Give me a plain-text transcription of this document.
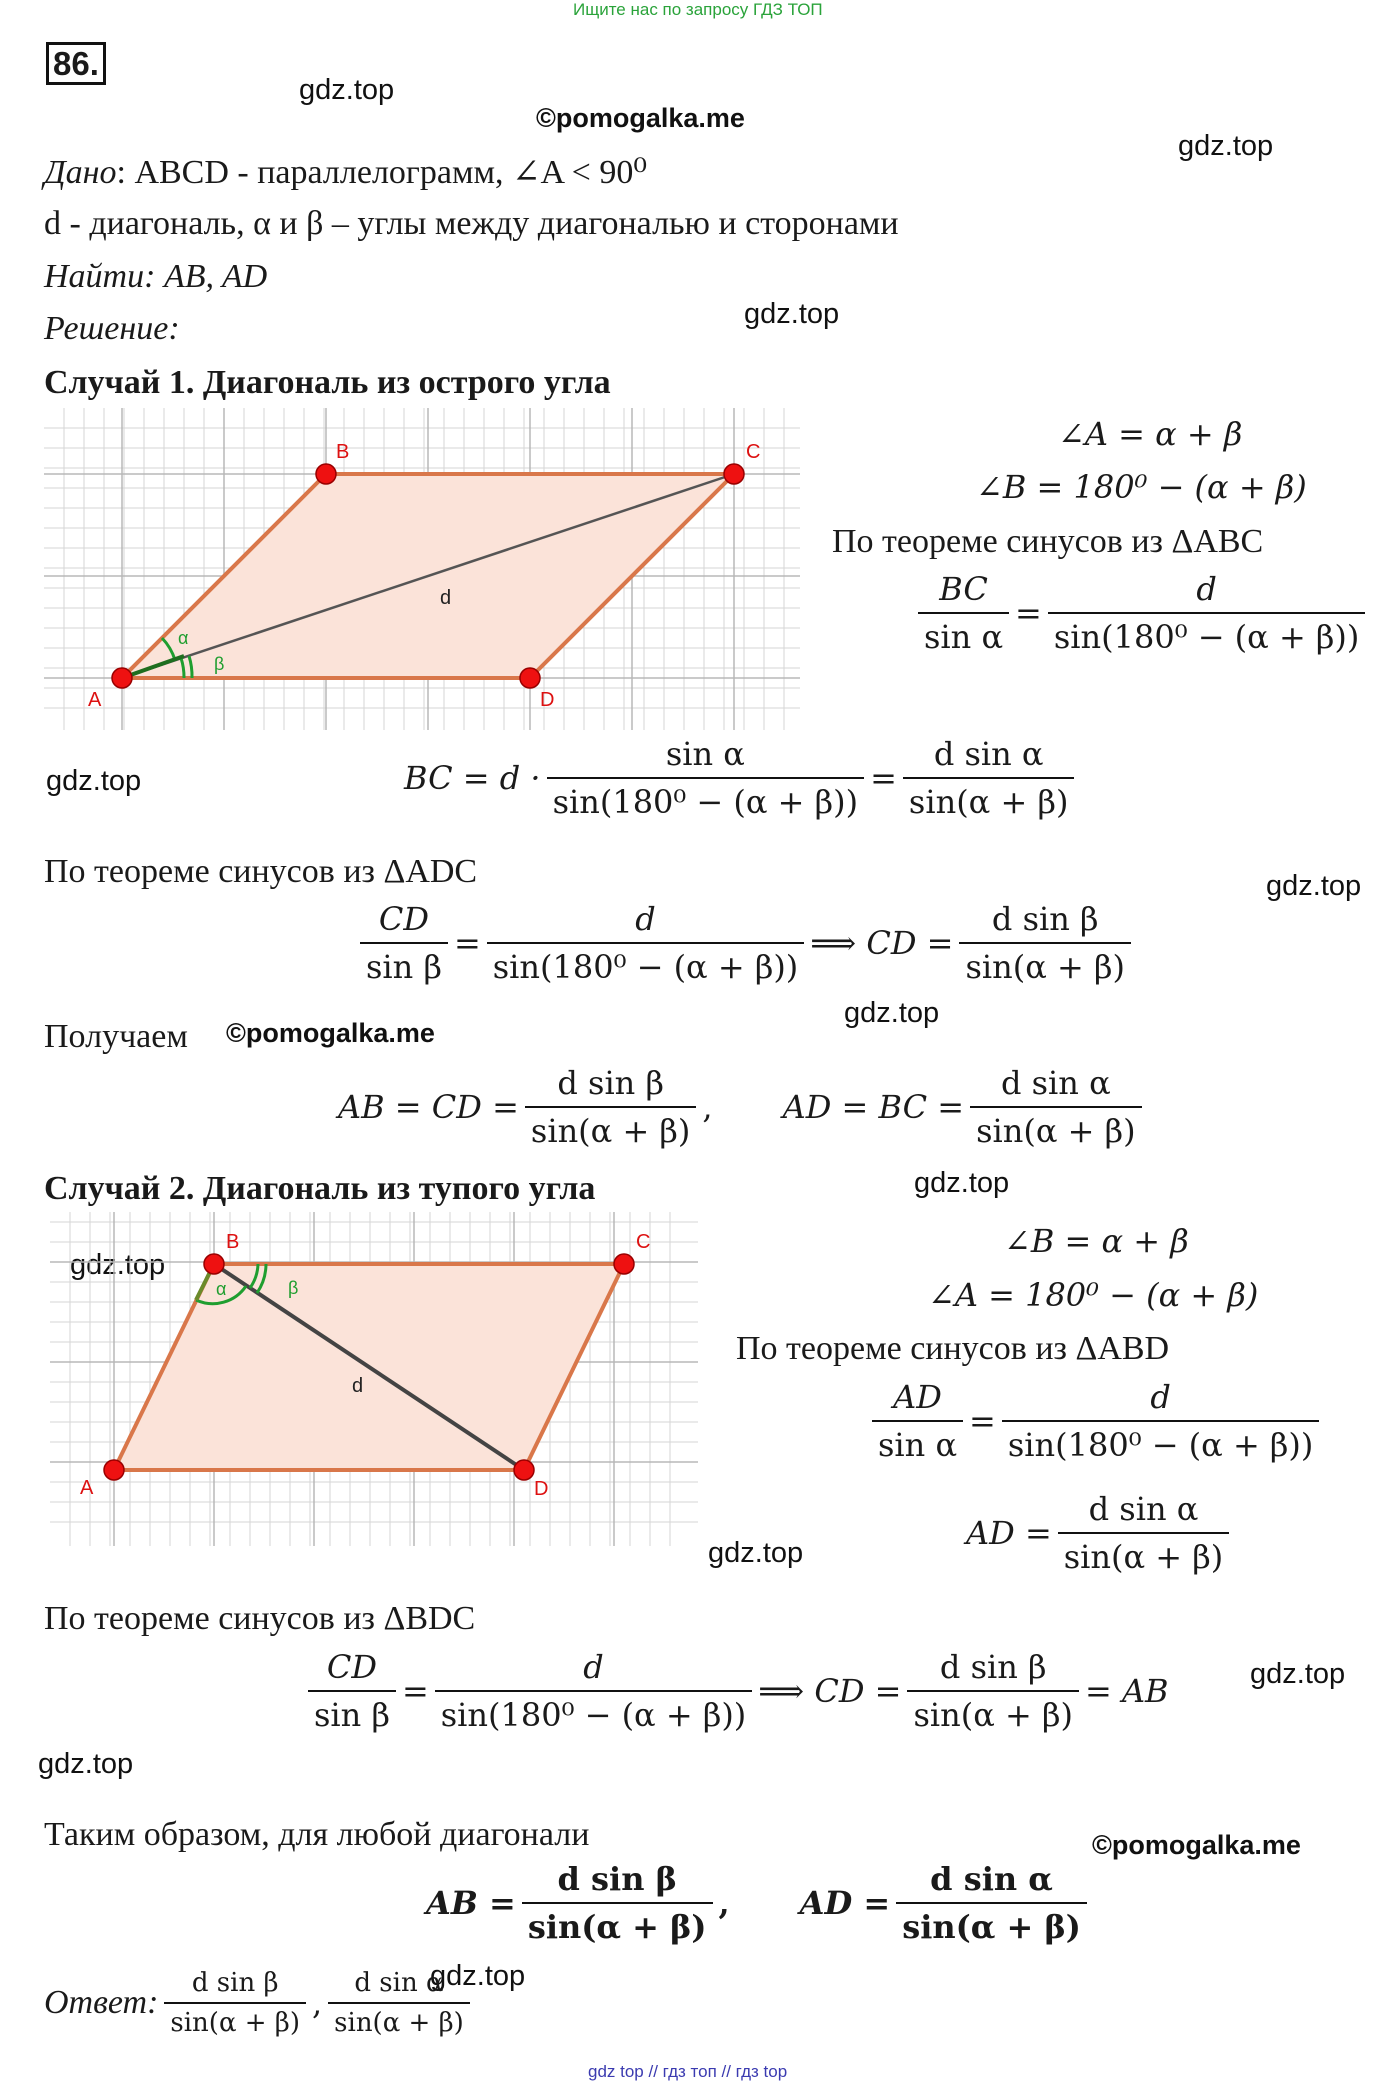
Ищите нас по запросу ГДЗ ТОП
86.
gdz.top
©pomogalka.me
gdz.top
gdz.top
gdz.top
gdz.top
gdz.top
©pomogalka.me
gdz.top
gdz.top
gdz.top
gdz.top
gdz.top
©pomogalka.me
gdz.top
Дано: ABCD - параллелограмм, ∠A < 90⁰
d - диагональ, α и β – углы между диагональю и сторонами
Найти: AB, AD
Решение:
Случай 1. Диагональ из острого угла
A
B	C
D
d
α
β
∠A = α + β
∠B = 180⁰ − (α + β)
По теореме синусов из ΔABC
$\frac{BC}{\text{sin α}} = \frac{d}{\text{sin(180⁰ − (α + β))}}$
BC = $d \cdot \frac{\text{sin α}}{\text{sin(180⁰ − (α + β))}} = \frac{\text{d sin α}}{\sin(\alpha + \beta)}$
По теореме синусов из ΔADC
$\frac{CD}{\text{sin β}} = \frac{d}{\text{sin(180⁰ − (α + β))}}$ ⟹ CD = $\frac{\text{d sin β}}{\sin(\alpha + \beta)}$
Получаем
AB = CD = $\frac{\text{d sin β}}{\sin(\alpha + \beta)}$ , AD = BC = $\frac{\text{d sin α}}{\sin(\alpha + \beta)}$
Случай 2. Диагональ из тупого угла
A
B	C
D
d
α	β
∠B = α + β
∠A = 180⁰ − (α + β)
По теореме синусов из ΔABD
$\frac{AD}{\text{sin α}} = \frac{d}{\text{sin(180⁰ − (α + β))}}$
AD = $\frac{\text{d sin α}}{\sin(\alpha + \beta)}$
По теореме синусов из ΔBDC
$\frac{CD}{\text{sin β}} = \frac{d}{\text{sin(180⁰ − (α + β))}}$ ⟹ CD = $\frac{\text{d sin β}}{\sin(\alpha + \beta)}$ = AB
Таким образом, для любой диагонали
AB = $\frac{\text{d sin β}}{\sin(\alpha + \beta)}$ , AD = $\frac{\text{d sin α}}{\sin(\alpha + \beta)}$
Ответ: $\frac{\text{d sin β}}{\sin(\alpha + \beta)}$ , $\frac{\text{d sin α}}{\sin(\alpha + \beta)}$
gdz top // гдз топ // гдз top
